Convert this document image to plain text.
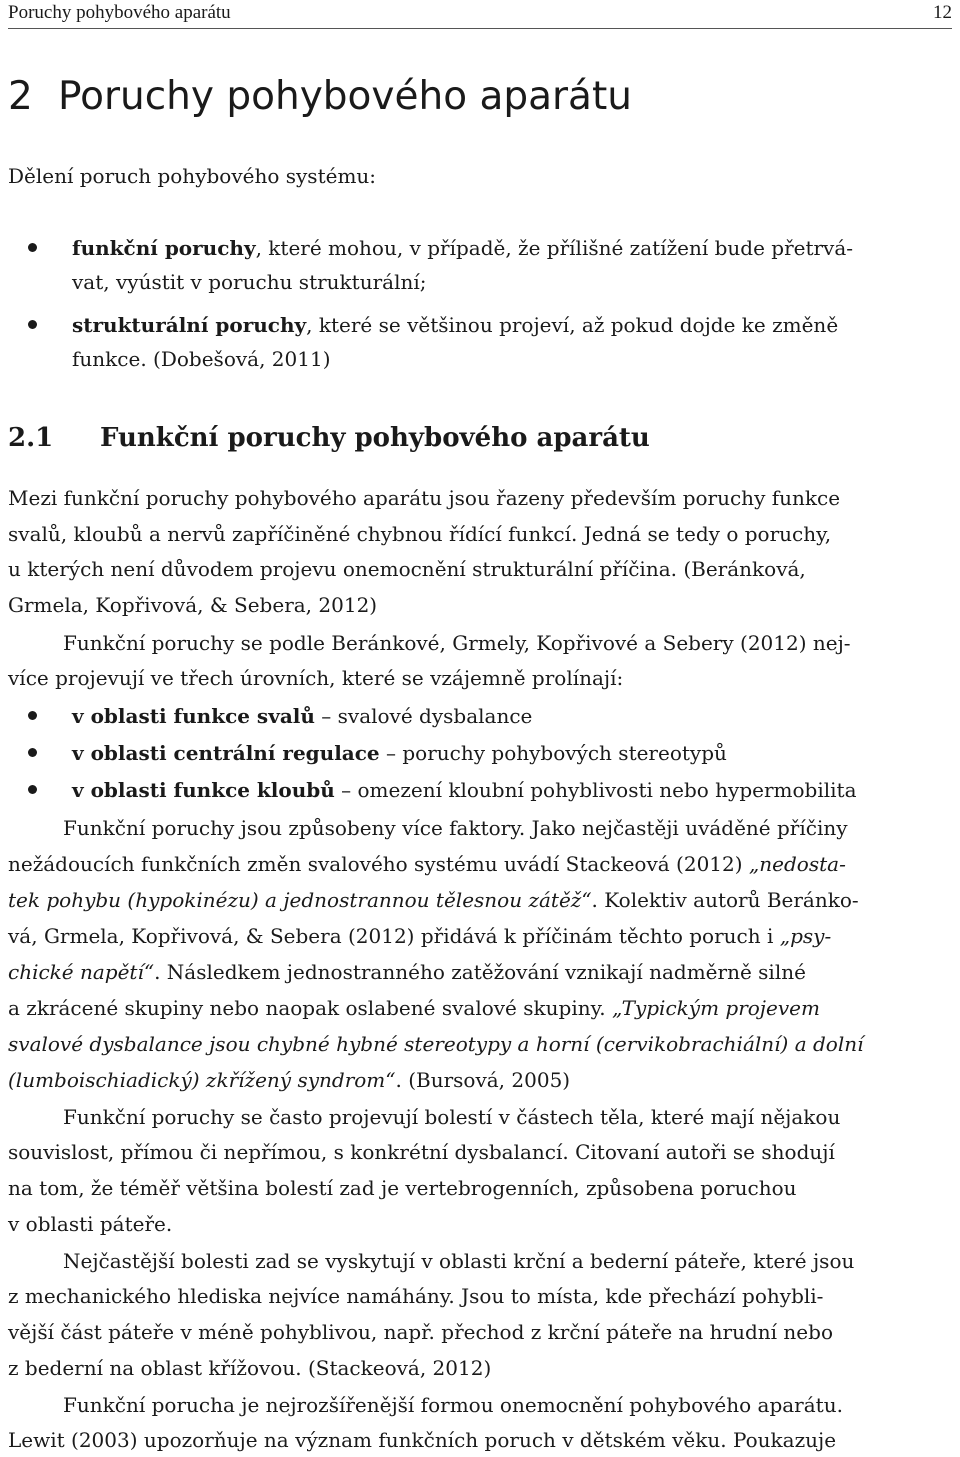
Poruchy pohybového aparátu	12
2 Poruchy pohybového aparátu
Dělení poruch pohybového systému:
funkční poruchy, které mohou, v případě, že přílišné zatížení bude přetrvá-
vat, vyústit v poruchu strukturální;
strukturální poruchy, které se většinou projeví, až pokud dojde ke změně
funkce. (Dobešová, 2011)
2.1 Funkční poruchy pohybového aparátu
Mezi funkční poruchy pohybového aparátu jsou řazeny především poruchy funkce
svalů, kloubů a nervů zapříčiněné chybnou řídící funkcí. Jedná se tedy o poruchy,
u kterých není důvodem projevu onemocnění strukturální příčina. (Beránková,
Grmela, Kopřivová, & Sebera, 2012)
Funkční poruchy se podle Beránkové, Grmely, Kopřivové a Sebery (2012) nej-
více projevují ve třech úrovních, které se vzájemně prolínají:
v oblasti funkce svalů – svalové dysbalance
v oblasti centrální regulace – poruchy pohybových stereotypů
v oblasti funkce kloubů – omezení kloubní pohyblivosti nebo hypermobilita
Funkční poruchy jsou způsobeny více faktory. Jako nejčastěji uváděné příčiny
nežádoucích funkčních změn svalového systému uvádí Stackeová (2012) „nedosta-
tek pohybu (hypokinézu) a jednostrannou tělesnou zátěž“. Kolektiv autorů Beránko-
vá, Grmela, Kopřivová, & Sebera (2012) přidává k příčinám těchto poruch i „psy-
chické napětí“. Následkem jednostranného zatěžování vznikají nadměrně silné
a zkrácené skupiny nebo naopak oslabené svalové skupiny. „Typickým projevem
svalové dysbalance jsou chybné hybné stereotypy a horní (cervikobrachiální) a dolní
(lumboischiadický) zkřížený syndrom“. (Bursová, 2005)
Funkční poruchy se často projevují bolestí v částech těla, které mají nějakou
souvislost, přímou či nepřímou, s konkrétní dysbalancí. Citovaní autoři se shodují
na tom, že téměř většina bolestí zad je vertebrogenních, způsobena poruchou
v oblasti páteře.
Nejčastější bolesti zad se vyskytují v oblasti krční a bederní páteře, které jsou
z mechanického hlediska nejvíce namáhány. Jsou to místa, kde přechází pohybli-
vější část páteře v méně pohyblivou, např. přechod z krční páteře na hrudní nebo
z bederní na oblast křížovou. (Stackeová, 2012)
Funkční porucha je nejrozšířenější formou onemocnění pohybového aparátu.
Lewit (2003) upozorňuje na význam funkčních poruch v dětském věku. Poukazuje
